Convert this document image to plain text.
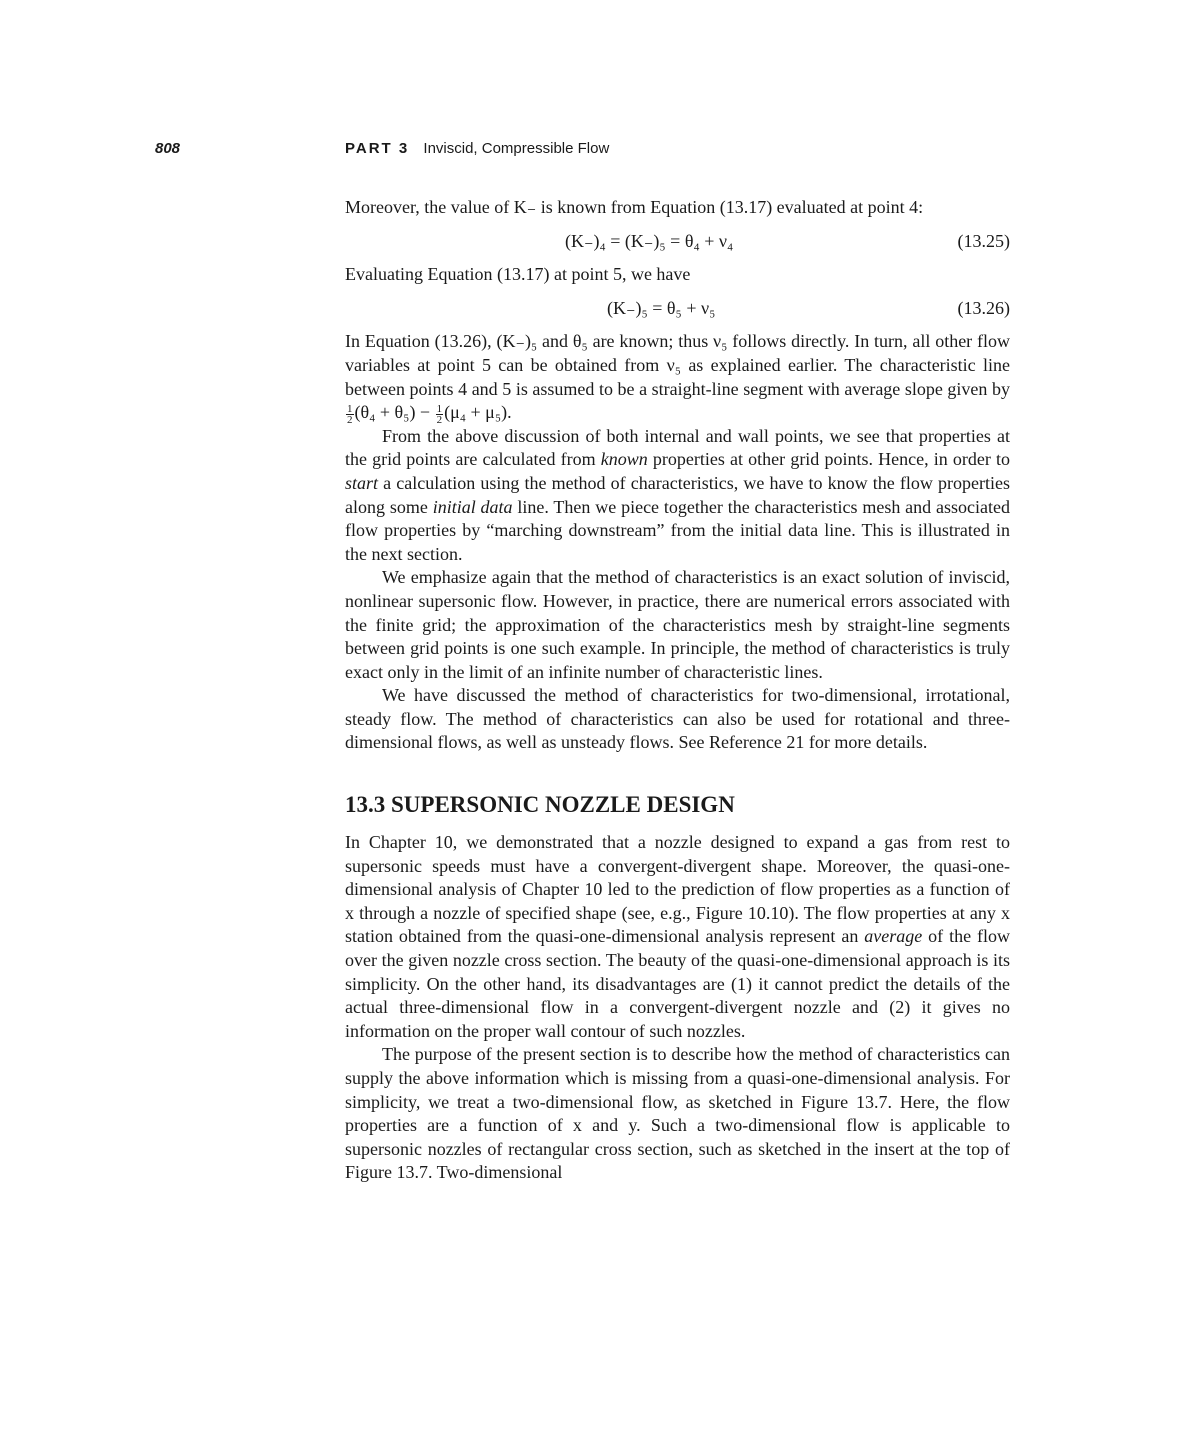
808	PART 3 Inviscid, Compressible Flow

Moreover, the value of K₋ is known from Equation (13.17) evaluated at point 4:

(K₋)₄ = (K₋)₅ = θ₄ + ν₄	(13.25)

Evaluating Equation (13.17) at point 5, we have

(K₋)₅ = θ₅ + ν₅	(13.26)

In Equation (13.26), (K₋)₅ and θ₅ are known; thus ν₅ follows directly. In turn, all other flow variables at point 5 can be obtained from ν₅ as explained earlier. The characteristic line between points 4 and 5 is assumed to be a straight-line segment with average slope given by
$\frac{1}{2} (\theta_4 + \theta_5) - \frac{1}{2} (\mu_4 + \mu_5)$.

From the above discussion of both internal and wall points, we see that properties at the grid points are calculated from known properties at other grid points. Hence, in order to start a calculation using the method of characteristics, we have to know the flow properties along some initial data line. Then we piece together the characteristics mesh and associated flow properties by “marching downstream” from the initial data line. This is illustrated in the next section.

We emphasize again that the method of characteristics is an exact solution of inviscid, nonlinear supersonic flow. However, in practice, there are numerical errors associated with the finite grid; the approximation of the characteristics mesh by straight-line segments between grid points is one such example. In principle, the method of characteristics is truly exact only in the limit of an infinite number of characteristic lines.

We have discussed the method of characteristics for two-dimensional, irrotational, steady flow. The method of characteristics can also be used for rotational and three-dimensional flows, as well as unsteady flows. See Reference 21 for more details.

13.3 SUPERSONIC NOZZLE DESIGN

In Chapter 10, we demonstrated that a nozzle designed to expand a gas from rest to supersonic speeds must have a convergent-divergent shape. Moreover, the quasi-one-dimensional analysis of Chapter 10 led to the prediction of flow properties as a function of x through a nozzle of specified shape (see, e.g., Figure 10.10). The flow properties at any x station obtained from the quasi-one-dimensional analysis represent an average of the flow over the given nozzle cross section. The beauty of the quasi-one-dimensional approach is its simplicity. On the other hand, its disadvantages are (1) it cannot predict the details of the actual three-dimensional flow in a convergent-divergent nozzle and (2) it gives no information on the proper wall contour of such nozzles.

The purpose of the present section is to describe how the method of characteristics can supply the above information which is missing from a quasi-one-dimensional analysis. For simplicity, we treat a two-dimensional flow, as sketched in Figure 13.7. Here, the flow properties are a function of x and y. Such a two-dimensional flow is applicable to supersonic nozzles of rectangular cross section, such as sketched in the insert at the top of Figure 13.7. Two-dimensional
